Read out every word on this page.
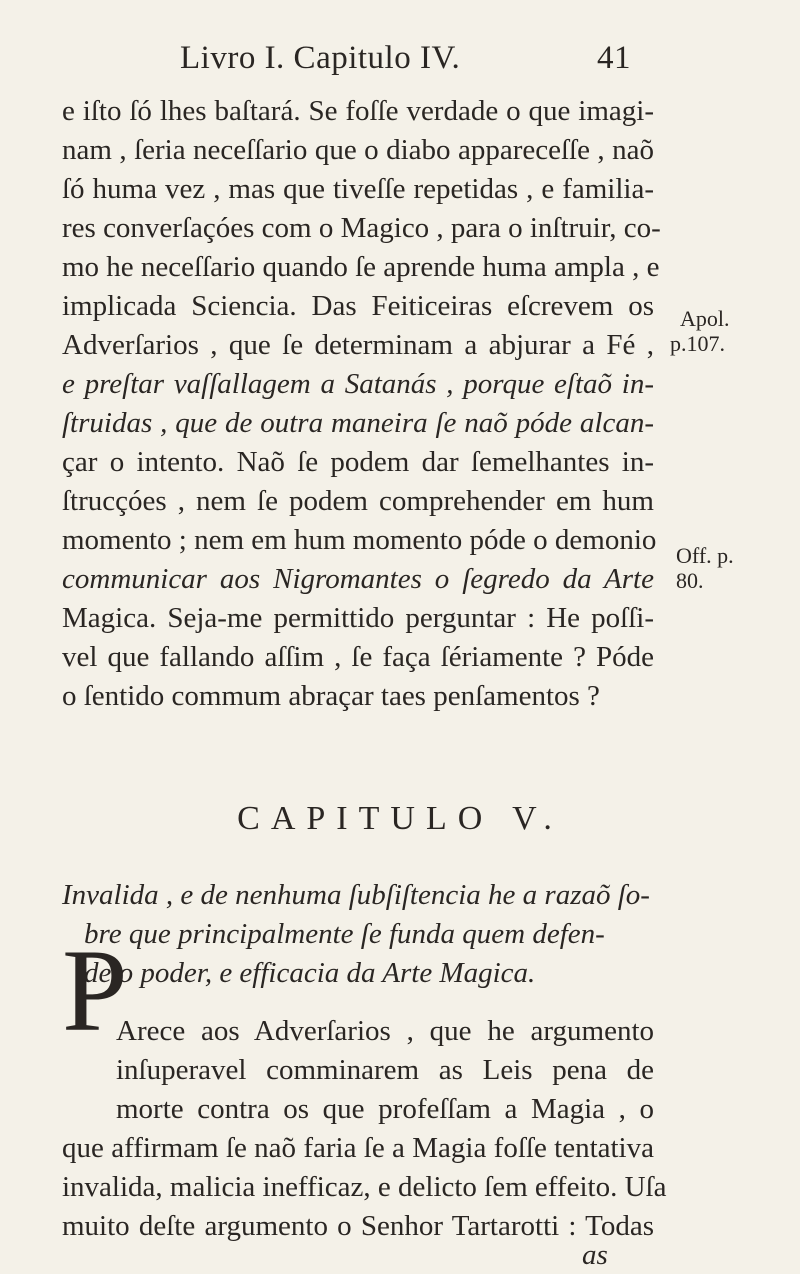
Livro I. Capitulo IV.	41
e iſto ſó lhes baſtará. Se foſſe verdade o que imagi-
nam , ſeria neceſſario que o diabo appareceſſe , naõ
ſó huma vez , mas que tiveſſe repetidas , e familia-
res converſaçóes com o Magico , para o inſtruir, co-
mo he neceſſario quando ſe aprende huma ampla , e
implicada Sciencia. Das Feiticeiras eſcrevem os
Adverſarios , que ſe determinam a abjurar a Fé ,
e preſtar vaſſallagem a Satanás , porque eſtaõ in-
ſtruidas , que de outra maneira ſe naõ póde alcan-
çar o intento. Naõ ſe podem dar ſemelhantes in-
ſtrucçóes , nem ſe podem comprehender em hum
momento ; nem em hum momento póde o demonio
communicar aos Nigromantes o ſegredo da Arte
Magica. Seja-me permittido perguntar : He poſſi-
vel que fallando aſſim , ſe faça ſériamente ? Póde
o ſentido commum abraçar taes penſamentos ?
Apol.
p.107.
Off. p.
80.
CAPITULO V.
Invalida , e de nenhuma ſubſiſtencia he a razaõ ſo-
bre que principalmente ſe funda quem defen-
de o poder, e efficacia da Arte Magica.
P
Arece aos Adverſarios , que he argumento
inſuperavel comminarem as Leis pena de
morte contra os que profeſſam a Magia , o
que affirmam ſe naõ faria ſe a Magia foſſe tentativa
invalida, malicia inefficaz, e delicto ſem effeito. Uſa
muito deſte argumento o Senhor Tartarotti : Todas
as
